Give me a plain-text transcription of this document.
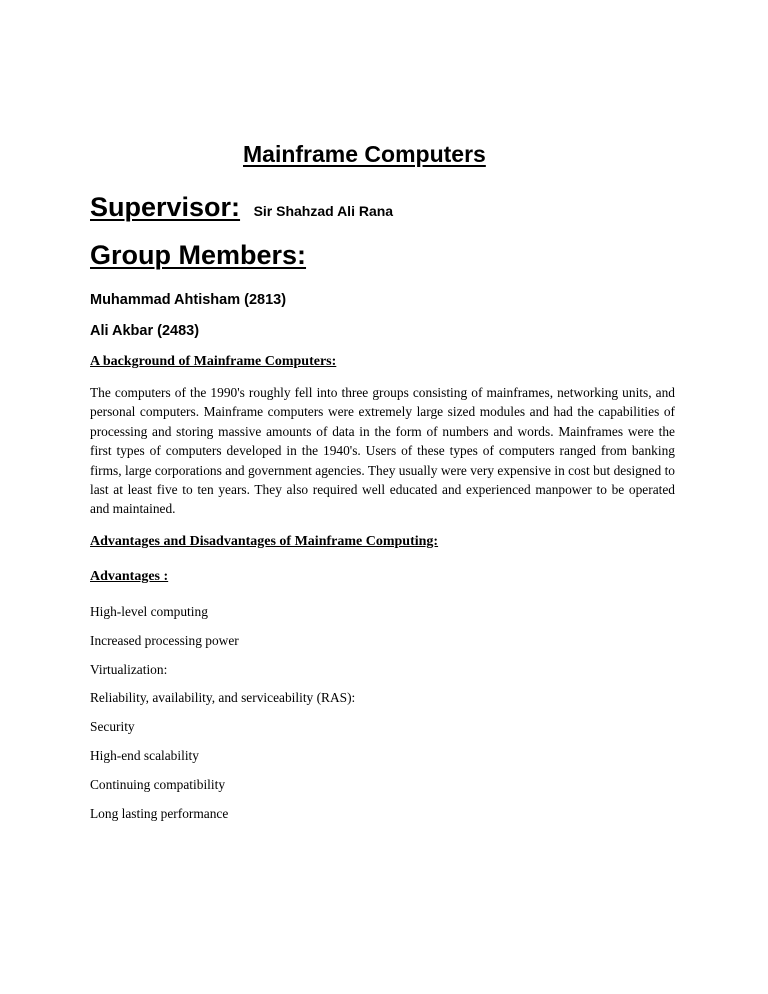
Mainframe Computers
Supervisor: Sir Shahzad Ali Rana
Group Members:
Muhammad Ahtisham (2813)
Ali Akbar (2483)
A background of Mainframe Computers:

The computers of the 1990's roughly fell into three groups consisting of mainframes, networking units, and personal computers. Mainframe computers were extremely large sized modules and had the capabilities of processing and storing massive amounts of data in the form of numbers and words. Mainframes were the first types of computers developed in the 1940's. Users of these types of computers ranged from banking firms, large corporations and government agencies. They usually were very expensive in cost but designed to last at least five to ten years. They also required well educated and experienced manpower to be operated and maintained.

Advantages and Disadvantages of Mainframe Computing:
Advantages :
High-level computing
Increased processing power
Virtualization:
Reliability, availability, and serviceability (RAS):
Security
High-end scalability
Continuing compatibility
Long lasting performance
